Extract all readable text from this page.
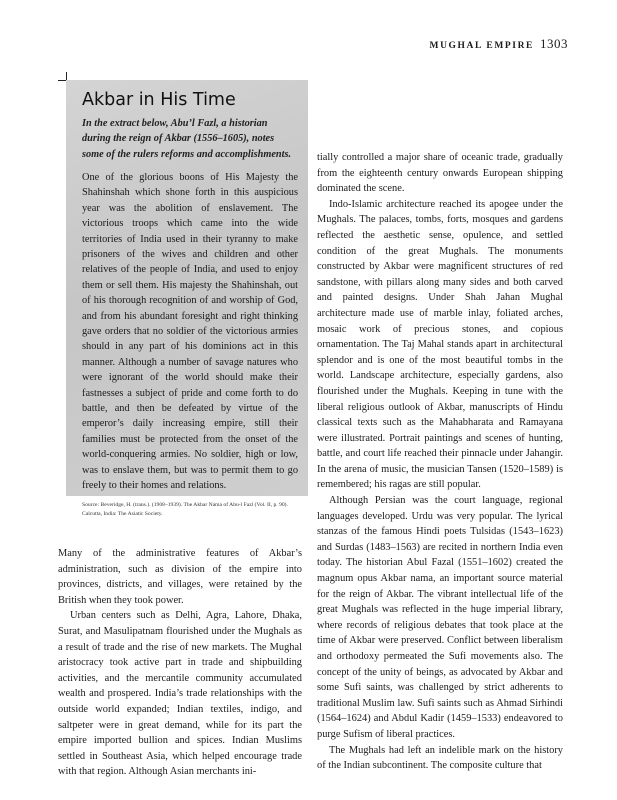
MUGHAL EMPIRE 1303
Akbar in His Time

In the extract below, Abu’l Fazl, a historian during the reign of Akbar (1556–1605), notes some of the rulers reforms and accomplishments.

One of the glorious boons of His Majesty the Shahinshah which shone forth in this auspicious year was the abolition of enslavement. The victorious troops which came into the wide territories of India used in their tyranny to make prisoners of the wives and children and other relatives of the people of India, and used to enjoy them or sell them. His majesty the Shahinshah, out of his thorough recognition of and worship of God, and from his abundant foresight and right thinking gave orders that no soldier of the victorious armies should in any part of his dominions act in this manner. Although a number of savage natures who were ignorant of the world should make their fastnesses a subject of pride and come forth to do battle, and then be defeated by virtue of the emperor’s daily increasing empire, still their families must be protected from the onset of the world-conquering armies. No soldier, high or low, was to enslave them, but was to permit them to go freely to their homes and relations.

Source: Beveridge, H. (trans.). (1908–1939). The Akbar Nama of Abu-l Fazl (Vol. II, p. 90). Calcutta, India: The Asiatic Society.

Many of the administrative features of Akbar’s administration, such as division of the empire into provinces, districts, and villages, were retained by the British when they took power.

Urban centers such as Delhi, Agra, Lahore, Dhaka, Surat, and Masulipatnam flourished under the Mughals as a result of trade and the rise of new markets. The Mughal aristocracy took active part in trade and shipbuilding activities, and the mercantile community accumulated wealth and prospered. India’s trade relationships with the outside world expanded; Indian textiles, indigo, and saltpeter were in great demand, while for its part the empire imported bullion and spices. Indian Muslims settled in Southeast Asia, which helped encourage trade with that region. Although Asian merchants ini-

tially controlled a major share of oceanic trade, gradually from the eighteenth century onwards European shipping dominated the scene.

Indo-Islamic architecture reached its apogee under the Mughals. The palaces, tombs, forts, mosques and gardens reflected the aesthetic sense, opulence, and settled condition of the great Mughals. The monuments constructed by Akbar were magnificent structures of red sandstone, with pillars along many sides and both carved and painted designs. Under Shah Jahan Mughal architecture made use of marble inlay, foliated arches, mosaic work of precious stones, and copious ornamentation. The Taj Mahal stands apart in architectural splendor and is one of the most beautiful tombs in the world. Landscape architecture, especially gardens, also flourished under the Mughals. Keeping in tune with the liberal religious outlook of Akbar, manuscripts of Hindu classical texts such as the Mahabharata and Ramayana were illustrated. Portrait paintings and scenes of hunting, battle, and court life reached their pinnacle under Jahangir. In the arena of music, the musician Tansen (1520–1589) is remembered; his ragas are still popular.

Although Persian was the court language, regional languages developed. Urdu was very popular. The lyrical stanzas of the famous Hindi poets Tulsidas (1543–1623) and Surdas (1483–1563) are recited in northern India even today. The historian Abul Fazal (1551–1602) created the magnum opus Akbar nama, an important source material for the reign of Akbar. The vibrant intellectual life of the great Mughals was reflected in the huge imperial library, where records of religious debates that took place at the time of Akbar were preserved. Conflict between liberalism and orthodoxy permeated the Sufi movements also. The concept of the unity of beings, as advocated by Akbar and some Sufi saints, was challenged by strict adherents to traditional Muslim law. Sufi saints such as Ahmad Sirhindi (1564–1624) and Abdul Kadir (1459–1533) endeavored to purge Sufism of liberal practices.

The Mughals had left an indelible mark on the history of the Indian subcontinent. The composite culture that
